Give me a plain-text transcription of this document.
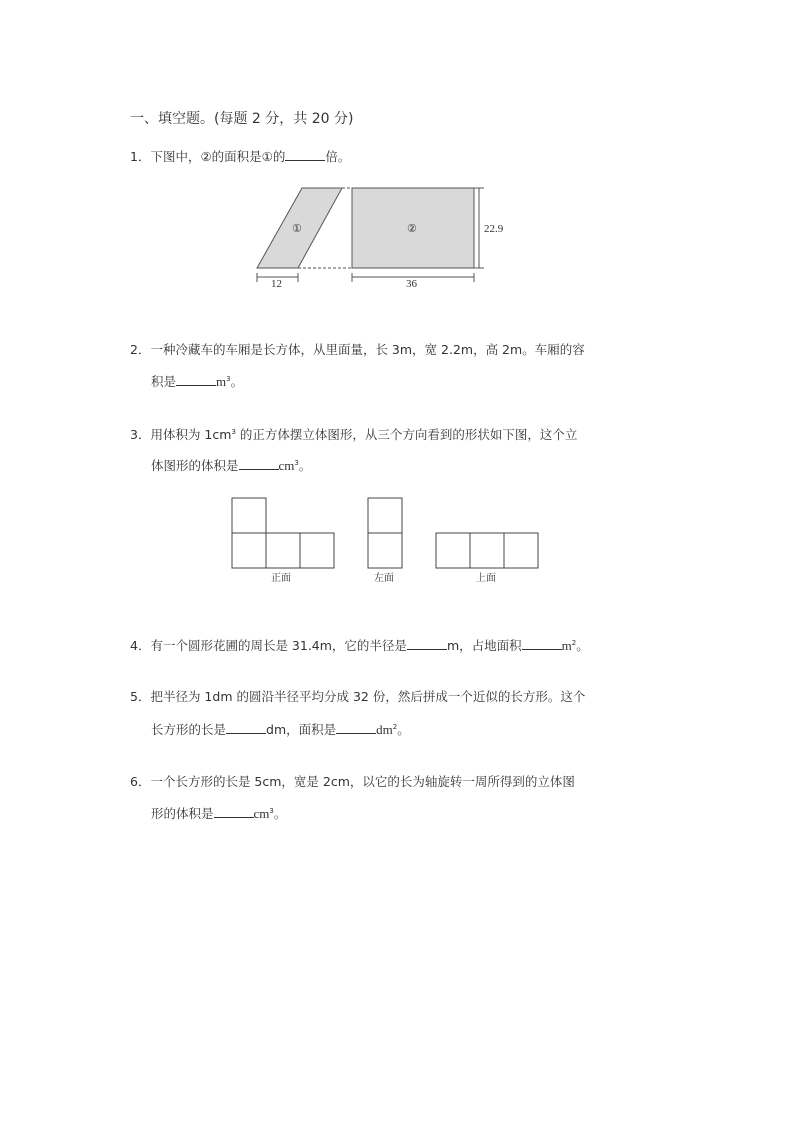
一、填空题。(每题 2 分，共 20 分)
1．下图中，②的面积是①的	倍。
①	②	22.9
12	36
正面	左面	上面
2．一种冷藏车的车厢是长方体，从里面量，长 3m，宽 2.2m，高 2m。车厢的容
积是	$m^3$。
3．用体积为 $1cm^3$ 的正方体摆立体图形，从三个方向看到的形状如下图，这个立
体图形的体积是	$cm^3$。
4．有一个圆形花圃的周长是 31.4m，它的半径是	m，占地面积	$m^2$。
5．把半径为 1dm 的圆沿半径平均分成 32 份，然后拼成一个近似的长方形。这个
长方形的长是	dm，面积是	$dm^2$。
6．一个长方形的长是 5cm，宽是 2cm，以它的长为轴旋转一周所得到的立体图
形的体积是	$cm^3$。
